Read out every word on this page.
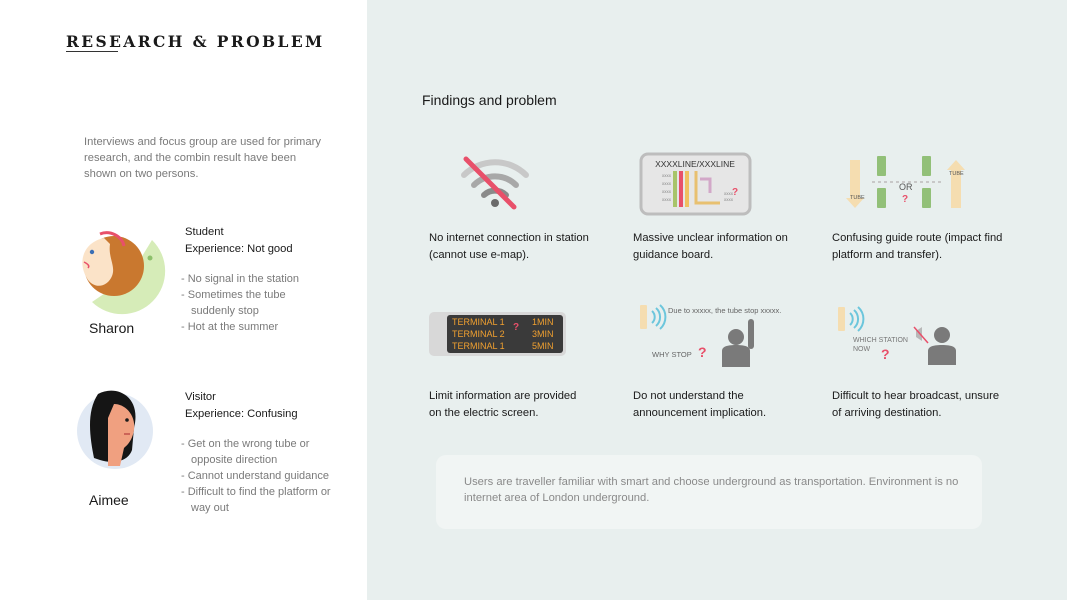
RESEARCH & PROBLEM

Interviews and focus group are used for primary research, and the combin result have been shown on two persons.

Sharon
Student
Experience: Not good
- No signal in the station
- Sometimes the tube suddenly stop
- Hot at the summer
Aimee
Visitor
Experience: Confusing
- Get on the wrong tube or opposite direction
- Cannot understand guidance
- Difficult to find the platform or way out
Findings and problem
No internet connection in station (cannot use e-map).
XXXXLINE/XXXLINE
xxxx
xxxx
xxxx
xxxx
xxxx
xxxx
?
Massive unclear information on guidance board.
TUBE
TUBE
OR
?
Confusing guide route (impact find platform and transfer).
TERMINAL 1	1MIN
TERMINAL 2	3MIN
TERMINAL 1	5MIN
?
Limit information are provided on the electric screen.
Due to xxxxx, the tube stop xxxxx.
WHY STOP ?
Do not understand the announcement implication.
WHICH STATION
NOW ?
Difficult to hear broadcast, unsure of arriving destination.

Users are traveller familiar with smart and choose underground as transportation. Environment is no internet area of London underground.
